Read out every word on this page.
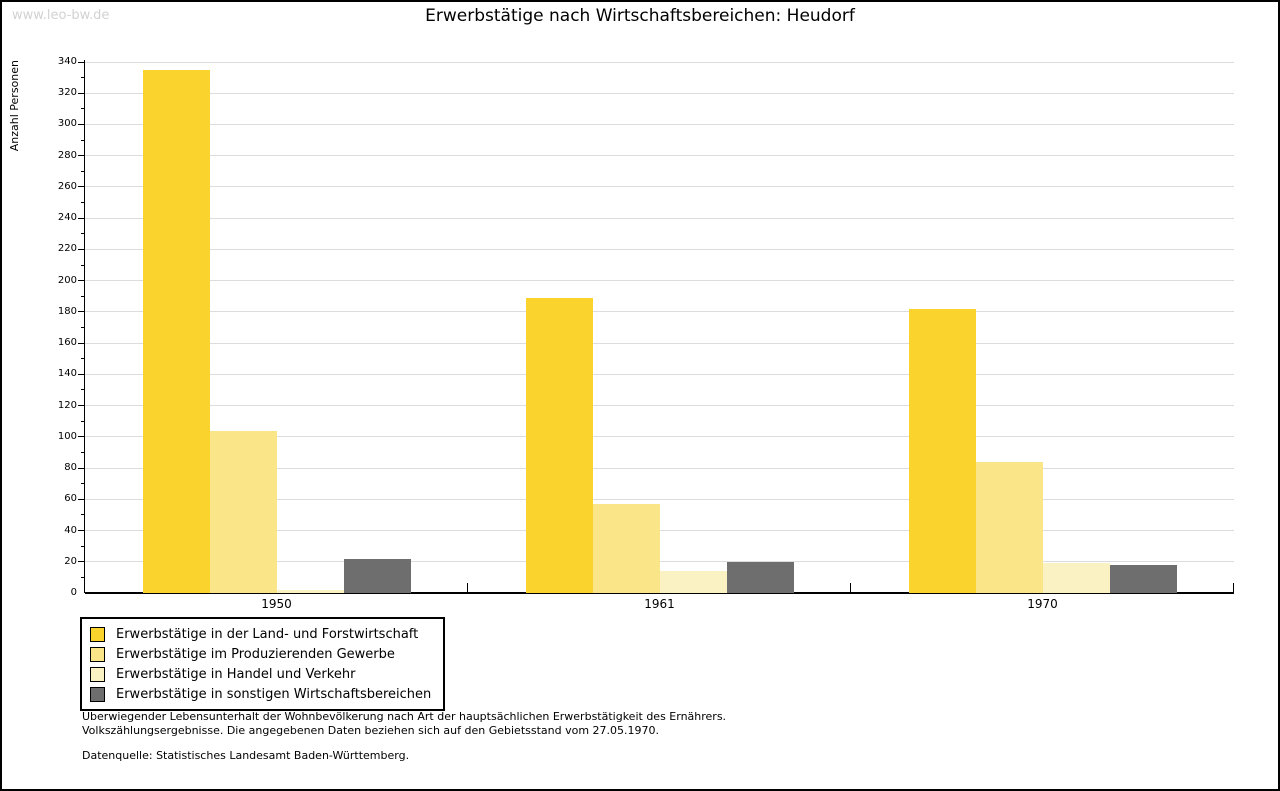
www.leo-bw.de	Erwerbstätige nach Wirtschaftsbereichen: Heudorf
Anzahl Personen
0
20
40
60
80
100
120
140
160
180
200
220
240
260
280
300
320
340
1950	1961	1970
Erwerbstätige in der Land- und Forstwirtschaft
Erwerbstätige im Produzierenden Gewerbe
Erwerbstätige in Handel und Verkehr
Erwerbstätige in sonstigen Wirtschaftsbereichen
Überwiegender Lebensunterhalt der Wohnbevölkerung nach Art der hauptsächlichen Erwerbstätigkeit des Ernährers.
Volkszählungsergebnisse. Die angegebenen Daten beziehen sich auf den Gebietsstand vom 27.05.1970.
Datenquelle: Statistisches Landesamt Baden-Württemberg.
